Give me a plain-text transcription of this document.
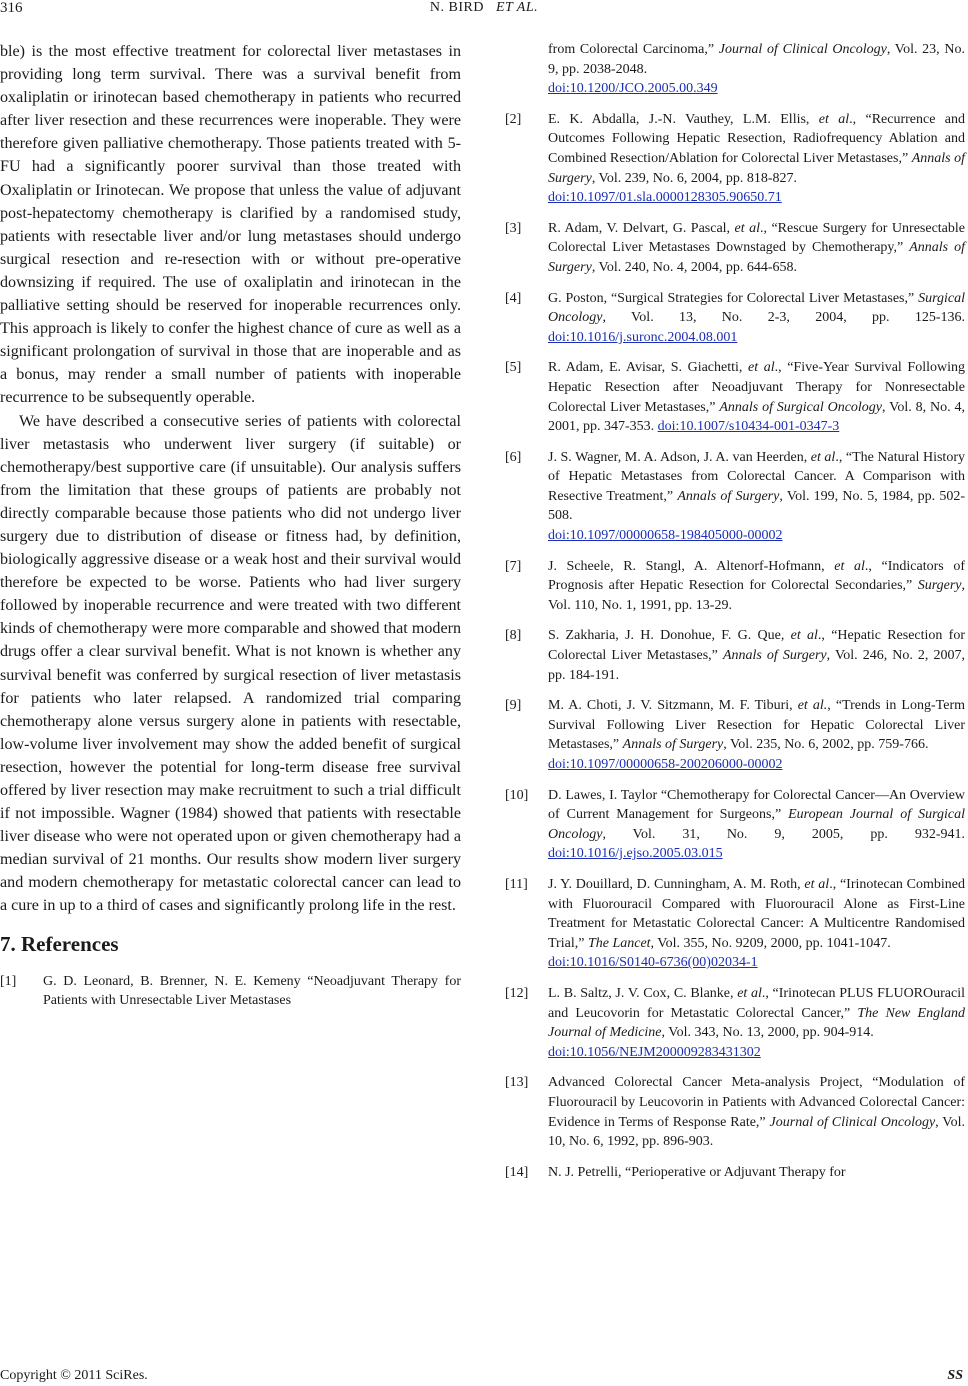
316	N. BIRD ET AL.

ble) is the most effective treatment for colorectal liver metastases in providing long term survival. There was a survival benefit from oxaliplatin or irinotecan based chemotherapy in patients who recurred after liver resection and these recurrences were inoperable. They were therefore given palliative chemotherapy. Those patients treated with 5-FU had a significantly poorer survival than those treated with Oxaliplatin or Irinotecan. We propose that unless the value of adjuvant post-hepatectomy chemotherapy is clarified by a randomised study, patients with resectable liver and/or lung metastases should undergo surgical resection and re-resection with or without pre-operative downsizing if required. The use of oxaliplatin and irinotecan in the palliative setting should be reserved for inoperable recurrences only. This approach is likely to confer the highest chance of cure as well as a significant prolongation of survival in those that are inoperable and as a bonus, may render a small number of patients with inoperable recurrence to be subsequently operable.

We have described a consecutive series of patients with colorectal liver metastasis who underwent liver surgery (if suitable) or chemotherapy/best supportive care (if unsuitable). Our analysis suffers from the limitation that these groups of patients are probably not directly comparable because those patients who did not undergo liver surgery due to distribution of disease or fitness had, by definition, biologically aggressive disease or a weak host and their survival would therefore be expected to be worse. Patients who had liver surgery followed by inoperable recurrence and were treated with two different kinds of chemotherapy were more comparable and showed that modern drugs offer a clear survival benefit. What is not known is whether any survival benefit was conferred by surgical resection of liver metastasis for patients who later relapsed. A randomized trial comparing chemotherapy alone versus surgery alone in patients with resectable, low-volume liver involvement may show the added benefit of surgical resection, however the potential for long-term disease free survival offered by liver resection may make recruitment to such a trial difficult if not impossible. Wagner (1984) showed that patients with resectable liver disease who were not operated upon or given chemotherapy had a median survival of 21 months. Our results show modern liver surgery and modern chemotherapy for metastatic colorectal cancer can lead to a cure in up to a third of cases and significantly prolong life in the rest.

7. References
[1] G. D. Leonard, B. Brenner, N. E. Kemeny “Neoadjuvant Therapy for Patients with Unresectable Liver Metastases
from Colorectal Carcinoma,” Journal of Clinical Oncology, Vol. 23, No. 9, pp. 2038-2048.
doi:10.1200/JCO.2005.00.349
[2] E. K. Abdalla, J.-N. Vauthey, L.M. Ellis, et al., “Recurrence and Outcomes Following Hepatic Resection, Radiofrequency Ablation and Combined Resection/Ablation for Colorectal Liver Metastases,” Annals of Surgery, Vol. 239, No. 6, 2004, pp. 818-827.
doi:10.1097/01.sla.0000128305.90650.71
[3] R. Adam, V. Delvart, G. Pascal, et al., “Rescue Surgery for Unresectable Colorectal Liver Metastases Downstaged by Chemotherapy,” Annals of Surgery, Vol. 240, No. 4, 2004, pp. 644-658.
[4] G. Poston, “Surgical Strategies for Colorectal Liver Metastases,” Surgical Oncology, Vol. 13, No. 2-3, 2004, pp. 125-136. doi:10.1016/j.suronc.2004.08.001
[5] R. Adam, E. Avisar, S. Giachetti, et al., “Five-Year Survival Following Hepatic Resection after Neoadjuvant Therapy for Nonresectable Colorectal Liver Metastases,” Annals of Surgical Oncology, Vol. 8, No. 4, 2001, pp. 347-353. doi:10.1007/s10434-001-0347-3
[6] J. S. Wagner, M. A. Adson, J. A. van Heerden, et al., “The Natural History of Hepatic Metastases from Colorectal Cancer. A Comparison with Resective Treatment,” Annals of Surgery, Vol. 199, No. 5, 1984, pp. 502-508.
doi:10.1097/00000658-198405000-00002
[7] J. Scheele, R. Stangl, A. Altenorf-Hofmann, et al., “Indicators of Prognosis after Hepatic Resection for Colorectal Secondaries,” Surgery, Vol. 110, No. 1, 1991, pp. 13-29.
[8] S. Zakharia, J. H. Donohue, F. G. Que, et al., “Hepatic Resection for Colorectal Liver Metastases,” Annals of Surgery, Vol. 246, No. 2, 2007, pp. 184-191.
[9] M. A. Choti, J. V. Sitzmann, M. F. Tiburi, et al., “Trends in Long-Term Survival Following Liver Resection for Hepatic Colorectal Liver Metastases,” Annals of Surgery, Vol. 235, No. 6, 2002, pp. 759-766.
doi:10.1097/00000658-200206000-00002
[10] D. Lawes, I. Taylor “Chemotherapy for Colorectal Cancer—An Overview of Current Management for Surgeons,” European Journal of Surgical Oncology, Vol. 31, No. 9, 2005, pp. 932-941. doi:10.1016/j.ejso.2005.03.015
[11] J. Y. Douillard, D. Cunningham, A. M. Roth, et al., “Irinotecan Combined with Fluorouracil Compared with Fluorouracil Alone as First-Line Treatment for Metastatic Colorectal Cancer: A Multicentre Randomised Trial,” The Lancet, Vol. 355, No. 9209, 2000, pp. 1041-1047.
doi:10.1016/S0140-6736(00)02034-1
[12] L. B. Saltz, J. V. Cox, C. Blanke, et al., “Irinotecan PLUS FLUOROuracil and Leucovorin for Metastatic Colorectal Cancer,” The New England Journal of Medicine, Vol. 343, No. 13, 2000, pp. 904-914.
doi:10.1056/NEJM200009283431302
[13] Advanced Colorectal Cancer Meta-analysis Project, “Modulation of Fluorouracil by Leucovorin in Patients with Advanced Colorectal Cancer: Evidence in Terms of Response Rate,” Journal of Clinical Oncology, Vol. 10, No. 6, 1992, pp. 896-903.
[14] N. J. Petrelli, “Perioperative or Adjuvant Therapy for
Copyright © 2011 SciRes.	SS
